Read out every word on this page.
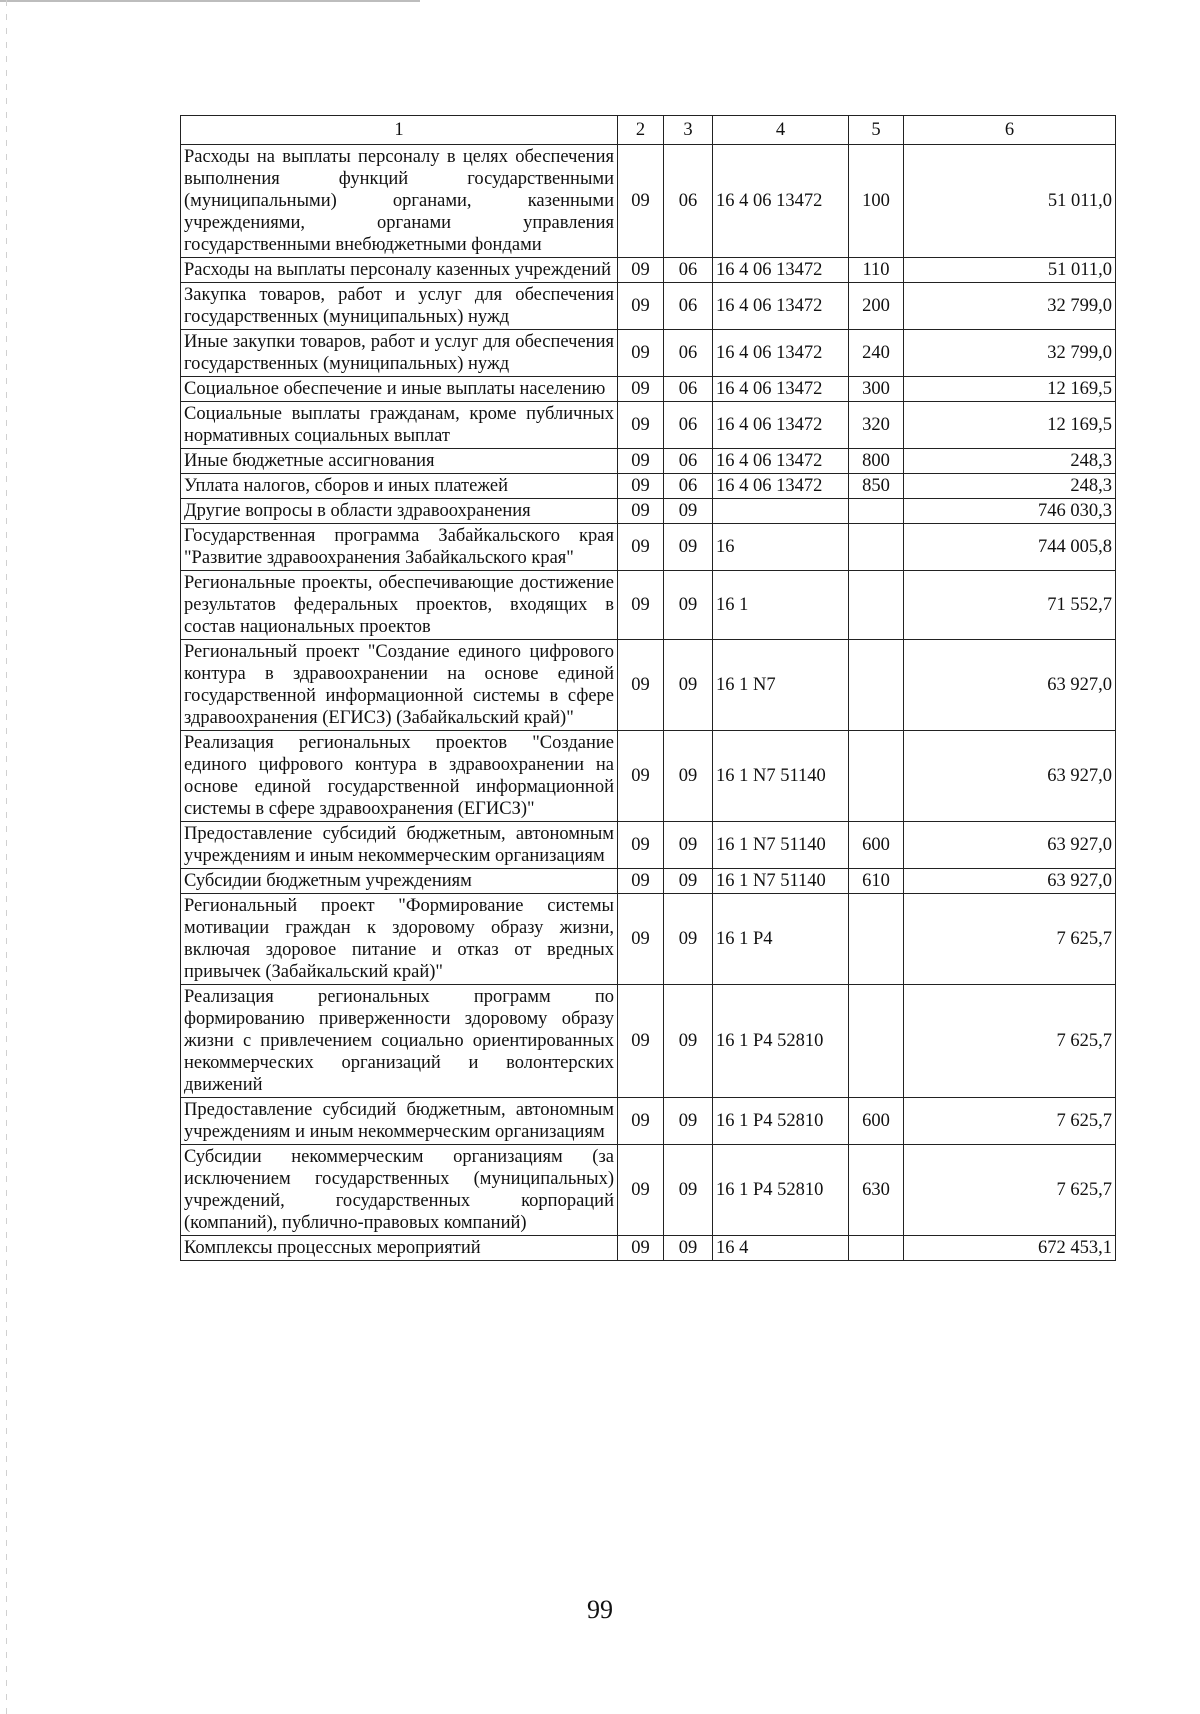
1	2	3	4	5	6
Расходы на выплаты персоналу в целях обеспечения выполнения функций государственными (муниципальными) органами, казенными учреждениями, органами управления государственными внебюджетными фондами	09	06	16 4 06 13472	100	51 011,0
Расходы на выплаты персоналу казенных учреждений	09	06	16 4 06 13472	110	51 011,0
Закупка товаров, работ и услуг для обеспечения государственных (муниципальных) нужд	09	06	16 4 06 13472	200	32 799,0
Иные закупки товаров, работ и услуг для обеспечения государственных (муниципальных) нужд	09	06	16 4 06 13472	240	32 799,0
Социальное обеспечение и иные выплаты населению	09	06	16 4 06 13472	300	12 169,5
Социальные выплаты гражданам, кроме публичных нормативных социальных выплат	09	06	16 4 06 13472	320	12 169,5
Иные бюджетные ассигнования	09	06	16 4 06 13472	800	248,3
Уплата налогов, сборов и иных платежей	09	06	16 4 06 13472	850	248,3
Другие вопросы в области здравоохранения	09	09			746 030,3
Государственная программа Забайкальского края "Развитие здравоохранения Забайкальского края"	09	09	16		744 005,8
Региональные проекты, обеспечивающие достижение результатов федеральных проектов, входящих в состав национальных проектов	09	09	16 1		71 552,7
Региональный проект "Создание единого цифрового контура в здравоохранении на основе единой государственной информационной системы в сфере здравоохранения (ЕГИСЗ) (Забайкальский край)"	09	09	16 1 N7		63 927,0
Реализация региональных проектов "Создание единого цифрового контура в здравоохранении на основе единой государственной информационной системы в сфере здравоохранения (ЕГИСЗ)"	09	09	16 1 N7 51140		63 927,0
Предоставление субсидий бюджетным, автономным учреждениям и иным некоммерческим организациям	09	09	16 1 N7 51140	600	63 927,0
Субсидии бюджетным учреждениям	09	09	16 1 N7 51140	610	63 927,0
Региональный проект "Формирование системы мотивации граждан к здоровому образу жизни, включая здоровое питание и отказ от вредных привычек (Забайкальский край)"	09	09	16 1 P4		7 625,7
Реализация региональных программ по формированию приверженности здоровому образу жизни с привлечением социально ориентированных некоммерческих организаций и волонтерских движений	09	09	16 1 P4 52810		7 625,7
Предоставление субсидий бюджетным, автономным учреждениям и иным некоммерческим организациям	09	09	16 1 P4 52810	600	7 625,7
Субсидии некоммерческим организациям (за исключением государственных (муниципальных) учреждений, государственных корпораций (компаний), публично-правовых компаний)	09	09	16 1 P4 52810	630	7 625,7
Комплексы процессных мероприятий	09	09	16 4		672 453,1
99
